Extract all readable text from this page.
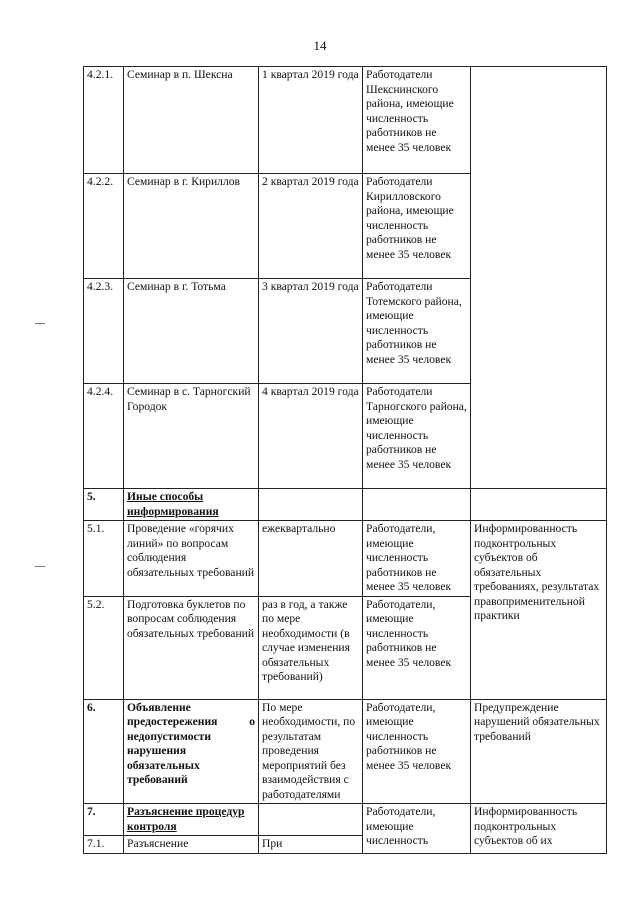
14
4.2.1.	Семинар в п. Шексна	1 квартал 2019 года	Работодатели Шекснинского района, имеющие численность работников не менее 35 человек	
4.2.2.	Семинар в г. Кириллов	2 квартал 2019 года	Работодатели Кирилловского района, имеющие численность работников не менее 35 человек	
4.2.3.	Семинар в г. Тотьма	3 квартал 2019 года	Работодатели Тотемского района, имеющие численность работников не менее 35 человек	
4.2.4.	Семинар в с. Тарногский Городок	4 квартал 2019 года	Работодатели Тарногского района, имеющие численность работников не менее 35 человек	
5.	Иные способы информирования			
5.1.	Проведение «горячих линий» по вопросам соблюдения обязательных требований	ежеквартально	Работодатели, имеющие численность работников не менее 35 человек	Информированность подконтрольных субъектов об обязательных требованиях, результатах правоприменительной практики
5.2.	Подготовка буклетов по вопросам соблюдения обязательных требований	раз в год, а также по мере необходимости (в случае изменения обязательных требований)	Работодатели, имеющие численность работников не менее 35 человек	
6.	Объявление предостережения о недопустимости нарушения обязательных требований	По мере необходимости, по результатам проведения мероприятий без взаимодействия с работодателями	Работодатели, имеющие численность работников не менее 35 человек	Предупреждение нарушений обязательных требований
7.	Разъяснение процедур контроля		Работодатели, имеющие численность	Информированность подконтрольных субъектов об их
7.1.	Разъяснение	При		
